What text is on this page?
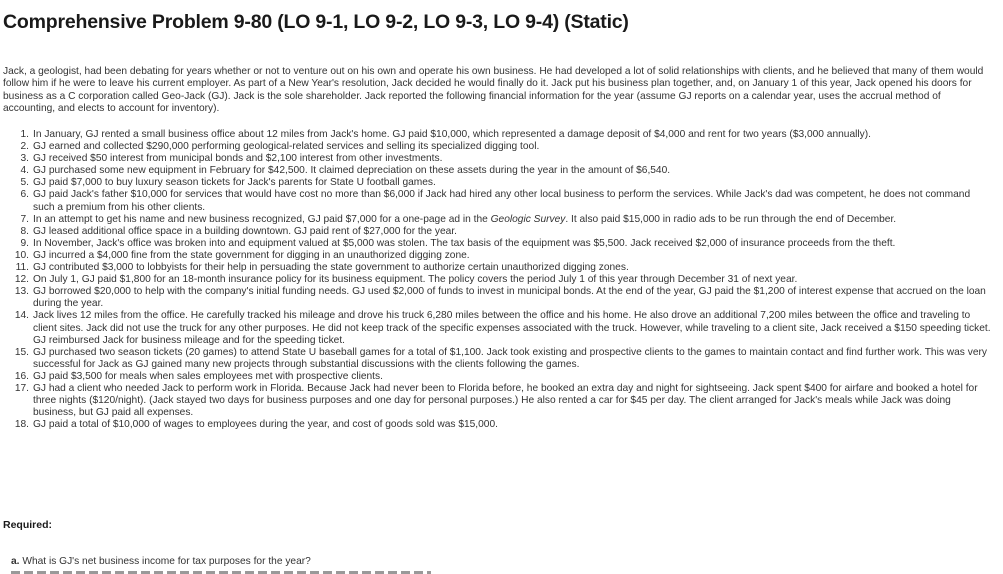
Comprehensive Problem 9-80 (LO 9-1, LO 9-2, LO 9-3, LO 9-4) (Static)

Jack, a geologist, had been debating for years whether or not to venture out on his own and operate his own business. He had developed a lot of solid relationships with clients, and he believed that many of them would follow him if he were to leave his current employer. As part of a New Year's resolution, Jack decided he would finally do it. Jack put his business plan together, and, on January 1 of this year, Jack opened his doors for business as a C corporation called Geo-Jack (GJ). Jack is the sole shareholder. Jack reported the following financial information for the year (assume GJ reports on a calendar year, uses the accrual method of accounting, and elects to account for inventory).

1. In January, GJ rented a small business office about 12 miles from Jack's home. GJ paid $10,000, which represented a damage deposit of $4,000 and rent for two years ($3,000 annually).
2. GJ earned and collected $290,000 performing geological-related services and selling its specialized digging tool.
3. GJ received $50 interest from municipal bonds and $2,100 interest from other investments.
4. GJ purchased some new equipment in February for $42,500. It claimed depreciation on these assets during the year in the amount of $6,540.
5. GJ paid $7,000 to buy luxury season tickets for Jack's parents for State U football games.
6. GJ paid Jack's father $10,000 for services that would have cost no more than $6,000 if Jack had hired any other local business to perform the services. While Jack's dad was competent, he does not command such a premium from his other clients.
7. In an attempt to get his name and new business recognized, GJ paid $7,000 for a one-page ad in the Geologic Survey. It also paid $15,000 in radio ads to be run through the end of December.
8. GJ leased additional office space in a building downtown. GJ paid rent of $27,000 for the year.
9. In November, Jack's office was broken into and equipment valued at $5,000 was stolen. The tax basis of the equipment was $5,500. Jack received $2,000 of insurance proceeds from the theft.
10. GJ incurred a $4,000 fine from the state government for digging in an unauthorized digging zone.
11. GJ contributed $3,000 to lobbyists for their help in persuading the state government to authorize certain unauthorized digging zones.
12. On July 1, GJ paid $1,800 for an 18-month insurance policy for its business equipment. The policy covers the period July 1 of this year through December 31 of next year.
13. GJ borrowed $20,000 to help with the company's initial funding needs. GJ used $2,000 of funds to invest in municipal bonds. At the end of the year, GJ paid the $1,200 of interest expense that accrued on the loan during the year.
14. Jack lives 12 miles from the office. He carefully tracked his mileage and drove his truck 6,280 miles between the office and his home. He also drove an additional 7,200 miles between the office and traveling to client sites. Jack did not use the truck for any other purposes. He did not keep track of the specific expenses associated with the truck. However, while traveling to a client site, Jack received a $150 speeding ticket. GJ reimbursed Jack for business mileage and for the speeding ticket.
15. GJ purchased two season tickets (20 games) to attend State U baseball games for a total of $1,100. Jack took existing and prospective clients to the games to maintain contact and find further work. This was very successful for Jack as GJ gained many new projects through substantial discussions with the clients following the games.
16. GJ paid $3,500 for meals when sales employees met with prospective clients.
17. GJ had a client who needed Jack to perform work in Florida. Because Jack had never been to Florida before, he booked an extra day and night for sightseeing. Jack spent $400 for airfare and booked a hotel for three nights ($120/night). (Jack stayed two days for business purposes and one day for personal purposes.) He also rented a car for $45 per day. The client arranged for Jack's meals while Jack was doing business, but GJ paid all expenses.
18. GJ paid a total of $10,000 of wages to employees during the year, and cost of goods sold was $15,000.

Required:

a. What is GJ's net business income for tax purposes for the year?
